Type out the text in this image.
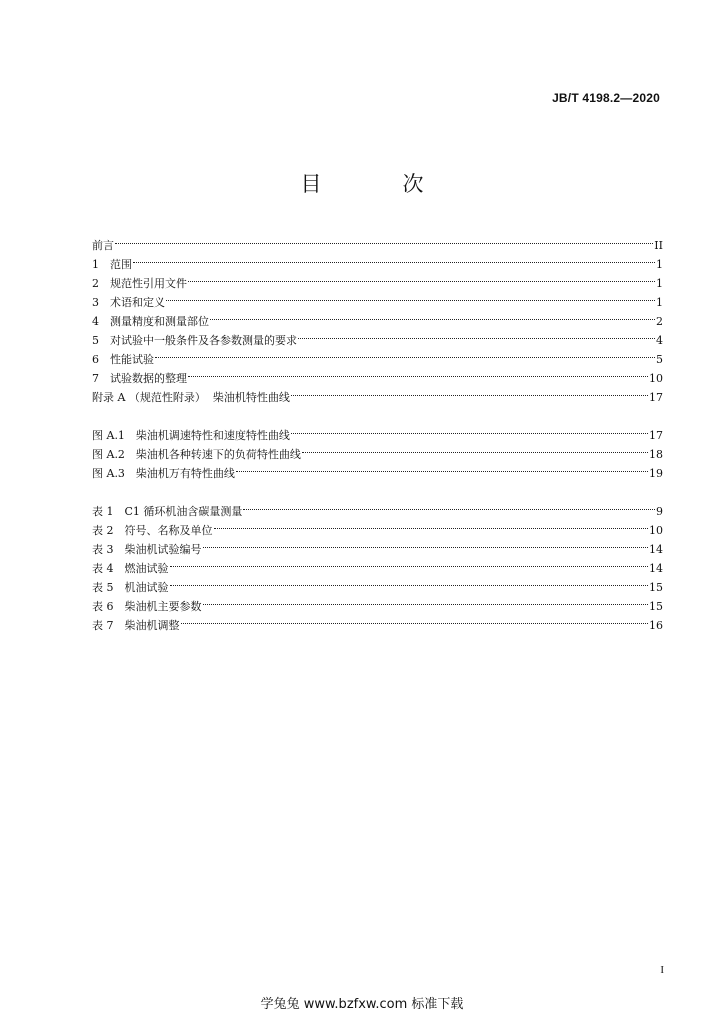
JB/T 4198.2—2020
目　次
前言	II
1　范围	1
2　规范性引用文件	1
3　术语和定义	1
4　测量精度和测量部位	2
5　对试验中一般条件及各参数测量的要求	4
6　性能试验	5
7　试验数据的整理	10
附录 A （规范性附录）  柴油机特性曲线	17
图 A.1　柴油机调速特性和速度特性曲线	17
图 A.2　柴油机各种转速下的负荷特性曲线	18
图 A.3　柴油机万有特性曲线	19
表 1　C1 循环机油含碳量测量	9
表 2　符号、名称及单位	10
表 3　柴油机试验编号	14
表 4　燃油试验	14
表 5　机油试验	15
表 6　柴油机主要参数	15
表 7　柴油机调整	16
I
学兔兔 www.bzfxw.com 标准下载
